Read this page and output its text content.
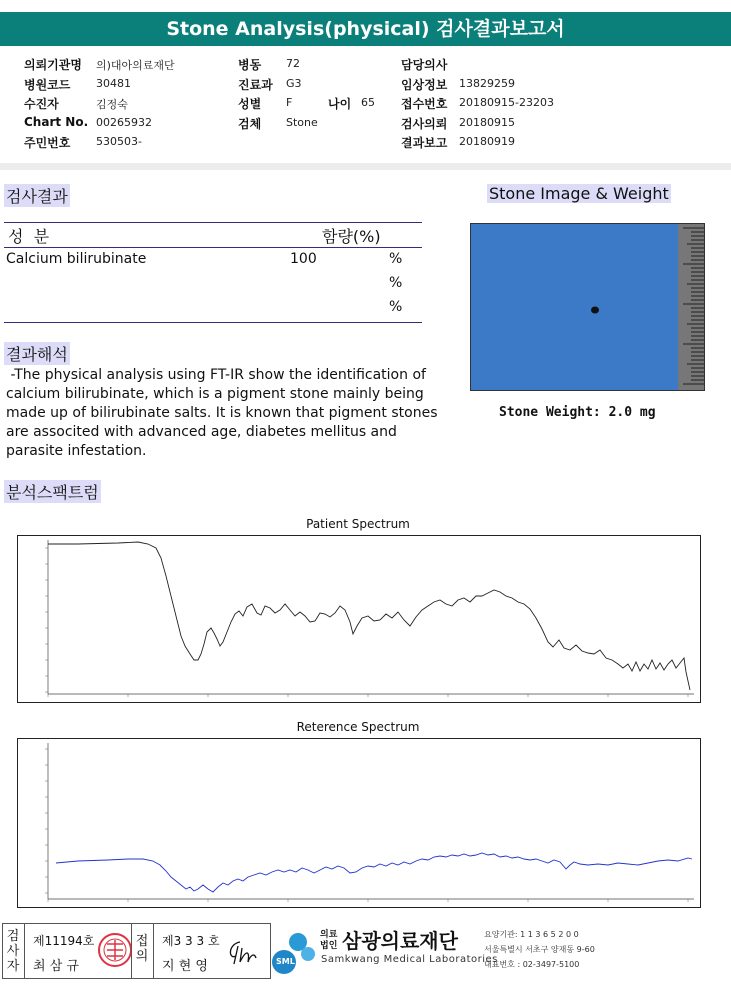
Stone Analysis(physical) 검사결과보고서
의뢰기관명 의)대아의료재단
병원코드 30481
수진자	김정숙
Chart No. 00265932
주민번호 530503-
병동 72
진료과 G3
성별 F	나이 65
검체 Stone
담당의사
임상정보 13829259
접수번호 20180915-23203
검사의뢰 20180915
결과보고 20180919
검사결과
성  분	함량(%)
Calcium bilirubinate	100	%
%
%
Stone Image & Weight
Stone Weight: 2.0 mg
결과해석
-The physical analysis using FT-IR show the identification of
calcium bilirubinate, which is a pigment stone mainly being
made up of bilirubinate salts. It is known that pigment stones
are associted with advanced age, diabetes mellitus and
parasite infestation.
분석스팩트럼
Patient Spectrum
Reterence Spectrum
검
사
자
제11194호
최 삼 규
접
의
제3 3 3 호
지 현 영	SML
의료
법인 삼광의료재단
Samkwang Medical Laboratories
요양기관: 1 1 3 6 5 2 0 0
서울특별시 서초구 양재동 9-60
대표번호 : 02-3497-5100
